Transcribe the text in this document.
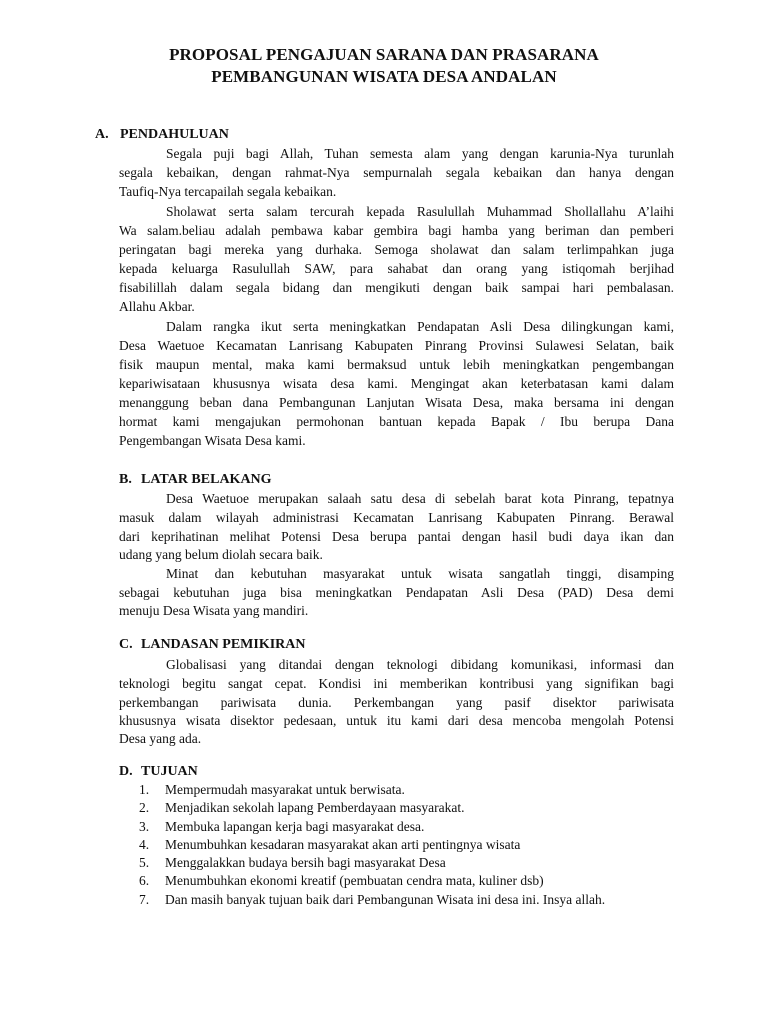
PROPOSAL PENGAJUAN SARANA DAN PRASARANA
PEMBANGUNAN WISATA DESA ANDALAN
A. PENDAHULUAN
Segala puji bagi Allah, Tuhan semesta alam yang dengan karunia-Nya turunlah
segala kebaikan, dengan rahmat-Nya sempurnalah segala kebaikan dan hanya dengan
Taufiq-Nya tercapailah segala kebaikan.
Sholawat serta salam tercurah kepada Rasulullah Muhammad Shollallahu A’laihi
Wa salam.beliau adalah pembawa kabar gembira bagi hamba yang beriman dan pemberi
peringatan bagi mereka yang durhaka. Semoga sholawat dan salam terlimpahkan juga
kepada keluarga Rasulullah SAW, para sahabat dan orang yang istiqomah berjihad
fisabilillah dalam segala bidang dan mengikuti dengan baik sampai hari pembalasan.
Allahu Akbar.
Dalam rangka ikut serta meningkatkan Pendapatan Asli Desa dilingkungan kami,
Desa Waetuoe Kecamatan Lanrisang Kabupaten Pinrang Provinsi Sulawesi Selatan, baik
fisik maupun mental, maka kami bermaksud untuk lebih meningkatkan pengembangan
kepariwisataan khususnya wisata desa kami. Mengingat akan keterbatasan kami dalam
menanggung beban dana Pembangunan Lanjutan Wisata Desa, maka bersama ini dengan
hormat kami mengajukan permohonan bantuan kepada Bapak / Ibu berupa Dana
Pengembangan Wisata Desa kami.
B. LATAR BELAKANG
Desa Waetuoe merupakan salaah satu desa di sebelah barat kota Pinrang, tepatnya
masuk dalam wilayah administrasi Kecamatan Lanrisang Kabupaten Pinrang. Berawal
dari keprihatinan melihat Potensi Desa berupa pantai dengan hasil budi daya ikan dan
udang yang belum diolah secara baik.
Minat dan kebutuhan masyarakat untuk wisata sangatlah tinggi, disamping
sebagai kebutuhan juga bisa meningkatkan Pendapatan Asli Desa (PAD) Desa demi
menuju Desa Wisata yang mandiri.
C. LANDASAN PEMIKIRAN
Globalisasi yang ditandai dengan teknologi dibidang komunikasi, informasi dan
teknologi begitu sangat cepat. Kondisi ini memberikan kontribusi yang signifikan bagi
perkembangan pariwisata dunia. Perkembangan yang pasif disektor pariwisata
khususnya wisata disektor pedesaan, untuk itu kami dari desa mencoba mengolah Potensi
Desa yang ada.
D. TUJUAN
1. Mempermudah masyarakat untuk berwisata.
2. Menjadikan sekolah lapang Pemberdayaan masyarakat.
3. Membuka lapangan kerja bagi masyarakat desa.
4. Menumbuhkan kesadaran masyarakat akan arti pentingnya wisata
5. Menggalakkan budaya bersih bagi masyarakat Desa
6. Menumbuhkan ekonomi kreatif (pembuatan cendra mata, kuliner dsb)
7. Dan masih banyak tujuan baik dari Pembangunan Wisata ini desa ini. Insya allah.
